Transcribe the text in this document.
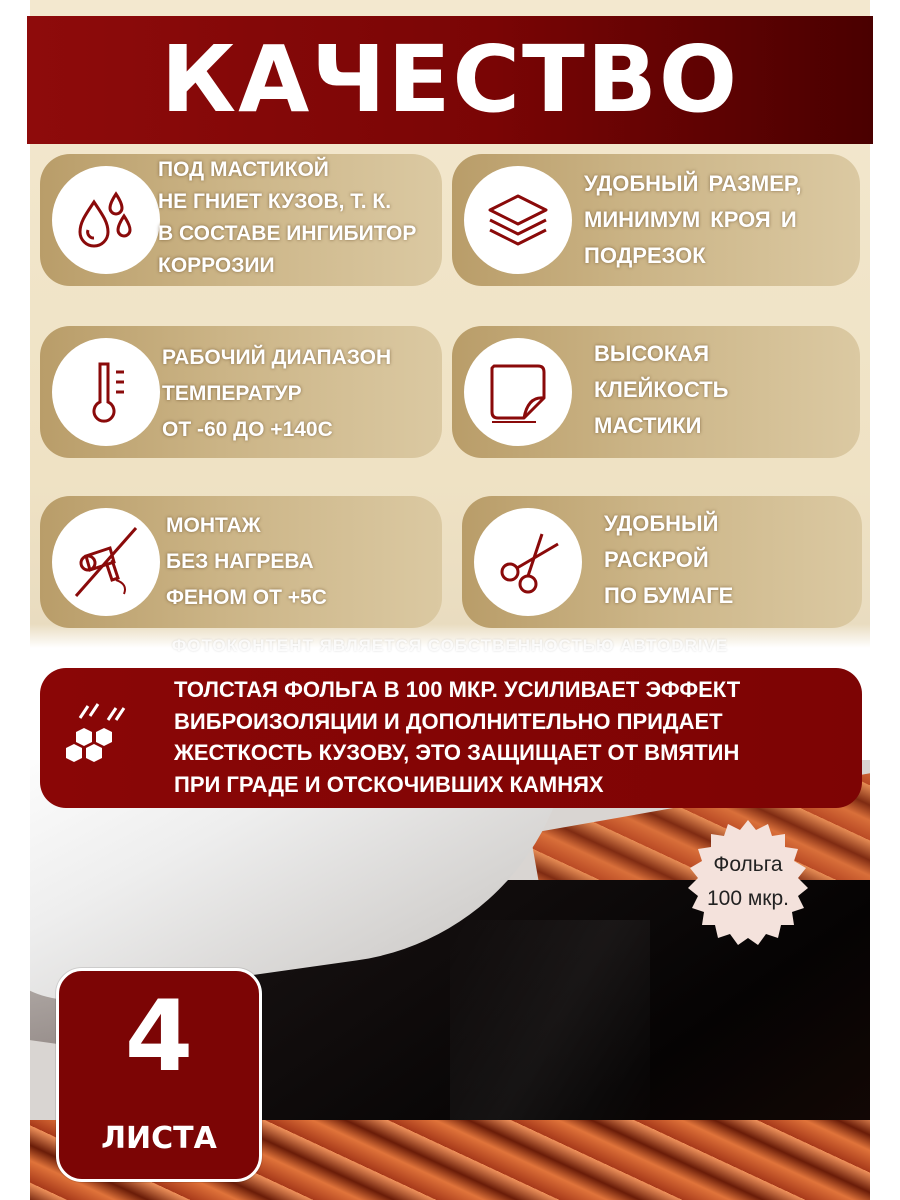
КАЧЕСТВО
ПОД МАСТИКОЙ
НЕ ГНИЕТ КУЗОВ, Т. К.
В СОСТАВЕ ИНГИБИТОР
КОРРОЗИИ
УДОБНЫЙ РАЗМЕР,
МИНИМУМ КРОЯ И
ПОДРЕЗОК
РАБОЧИЙ ДИАПАЗОН
ТЕМПЕРАТУР
ОТ -60 ДО +140С
ВЫСОКАЯ
КЛЕЙКОСТЬ
МАСТИКИ
МОНТАЖ
БЕЗ НАГРЕВА
ФЕНОМ ОТ +5С
УДОБНЫЙ
РАСКРОЙ
ПО БУМАГЕ
ФОТОКОНТЕНТ ЯВЛЯЕТСЯ СОБСТВЕННОСТЬЮ АВТОDRIVE
ТОЛСТАЯ ФОЛЬГА В 100 МКР. УСИЛИВАЕТ ЭФФЕКТ
ВИБРОИЗОЛЯЦИИ И ДОПОЛНИТЕЛЬНО ПРИДАЕТ
ЖЕСТКОСТЬ КУЗОВУ, ЭТО ЗАЩИЩАЕТ ОТ ВМЯТИН
ПРИ ГРАДЕ И ОТСКОЧИВШИХ КАМНЯХ
Фольга
100 мкр.
4
ЛИСТА
